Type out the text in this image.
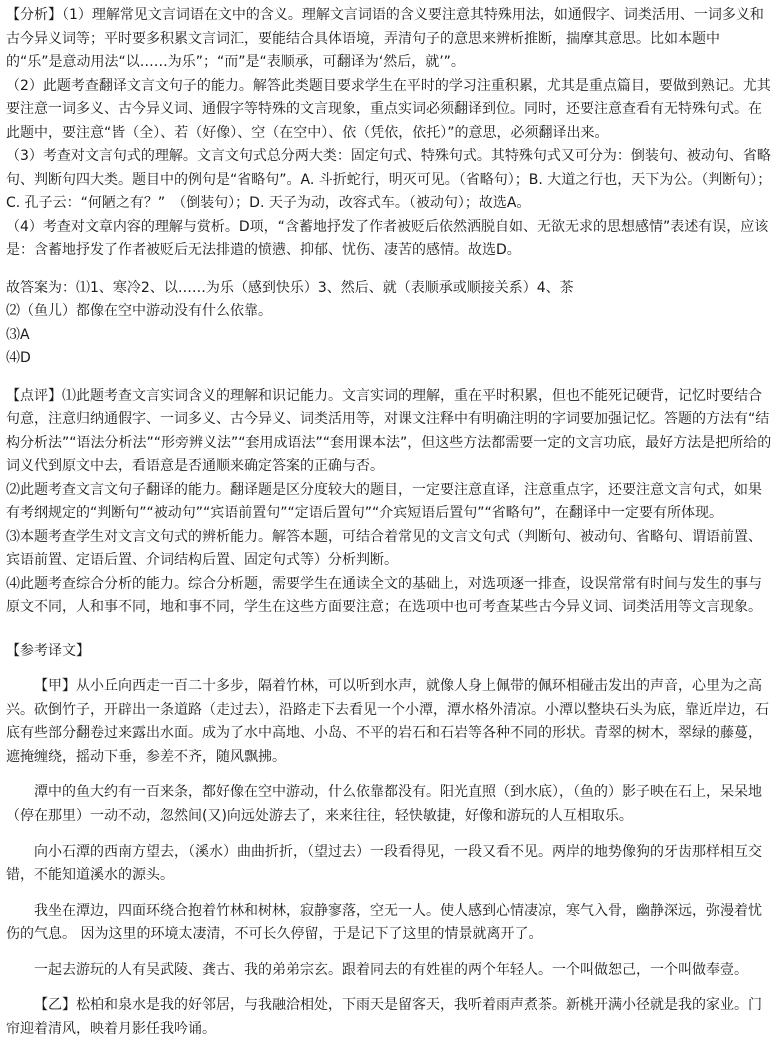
【分析】（1）理解常见文言词语在文中的含义。理解文言词语的含义要注意其特殊用法，如通假字、词类活用、一词多义和古今异义词等；平时要多积累文言词汇，要能结合具体语境，弄清句子的意思来辨析推断，揣摩其意思。比如本题中的“乐”是意动用法“以……为乐”；“而”是“表顺承，可翻译为‘然后，就’”。

（2）此题考查翻译文言文句子的能力。解答此类题目要求学生在平时的学习注重积累，尤其是重点篇目，要做到熟记。尤其要注意一词多义、古今异义词、通假字等特殊的文言现象，重点实词必须翻译到位。同时，还要注意查看有无特殊句式。在此题中，要注意“皆（全）、若（好像）、空（在空中）、依（凭依，依托）”的意思，必须翻译出来。

（3）考查对文言句式的理解。文言文句式总分两大类：固定句式、特殊句式。其特殊句式又可分为：倒装句、被动句、省略句、判断句四大类。题目中的例句是“省略句”。A. 斗折蛇行，明灭可见。（省略句）；B. 大道之行也，天下为公。（判断句）；C. 孔子云：“何陋之有？”　（倒装句）；D. 天子为动，改容式车。（被动句）；故选A。

（4）考查对文章内容的理解与赏析。D项，“含蓄地抒发了作者被贬后依然洒脱自如、无欲无求的思想感情”表述有误，应该是：含蓄地抒发了作者被贬后无法排遣的愤懑、抑郁、忧伤、凄苦的感情。故选D。

故答案为：⑴1、寒冷2、以……为乐（感到快乐）3、然后、就（表顺承或顺接关系）4、茶

⑵（鱼儿）都像在空中游动没有什么依靠。

⑶A

⑷D

【点评】⑴此题考查文言实词含义的理解和识记能力。文言实词的理解，重在平时积累，但也不能死记硬背，记忆时要结合句意，注意归纳通假字、一词多义、古今异义、词类活用等，对课文注释中有明确注明的字词要加强记忆。答题的方法有“结构分析法”“语法分析法”“形旁辨义法”“套用成语法”“套用课本法”，但这些方法都需要一定的文言功底，最好方法是把所给的词义代到原文中去，看语意是否通顺来确定答案的正确与否。

⑵此题考查文言文句子翻译的能力。翻译题是区分度较大的题目，一定要注意直译，注意重点字，还要注意文言句式，如果有考纲规定的“判断句”“被动句”“宾语前置句”“定语后置句”“介宾短语后置句”“省略句”，在翻译中一定要有所体现。

⑶本题考查学生对文言文句式的辨析能力。解答本题，可结合着常见的文言文句式（判断句、被动句、省略句、谓语前置、宾语前置、定语后置、介词结构后置、固定句式等）分析判断。

⑷此题考查综合分析的能力。综合分析题，需要学生在通读全文的基础上，对选项逐一排查，设误常常有时间与发生的事与原文不同，人和事不同，地和事不同，学生在这些方面要注意；在选项中也可考查某些古今异义词、词类活用等文言现象。

【参考译文】

【甲】从小丘向西走一百二十多步，隔着竹林，可以听到水声，就像人身上佩带的佩环相碰击发出的声音，心里为之高兴。砍倒竹子，开辟出一条道路（走过去），沿路走下去看见一个小潭，潭水格外清凉。小潭以整块石头为底，靠近岸边，石底有些部分翻卷过来露出水面。成为了水中高地、小岛、不平的岩石和石岩等各种不同的形状。青翠的树木，翠绿的藤蔓，遮掩缠绕，摇动下垂，参差不齐，随风飘拂。

潭中的鱼大约有一百来条，都好像在空中游动，什么依靠都没有。阳光直照（到水底），（鱼的）影子映在石上，呆呆地（停在那里）一动不动，忽然间(又)向远处游去了，来来往往，轻快敏捷，好像和游玩的人互相取乐。

向小石潭的西南方望去，（溪水）曲曲折折，（望过去）一段看得见，一段又看不见。两岸的地势像狗的牙齿那样相互交错，不能知道溪水的源头。

我坐在潭边，四面环绕合抱着竹林和树林，寂静寥落，空无一人。使人感到心情凄凉，寒气入骨，幽静深远，弥漫着忧伤的气息。 因为这里的环境太凄清，不可长久停留，于是记下了这里的情景就离开了。

一起去游玩的人有吴武陵、龚古、我的弟弟宗玄。跟着同去的有姓崔的两个年轻人。一个叫做恕己，一个叫做奉壹。

【乙】松柏和泉水是我的好邻居，与我融洽相处，下雨天是留客天，我听着雨声煮茶。新桃开满小径就是我的家业。门帘迎着清风，映着月影任我吟诵。
